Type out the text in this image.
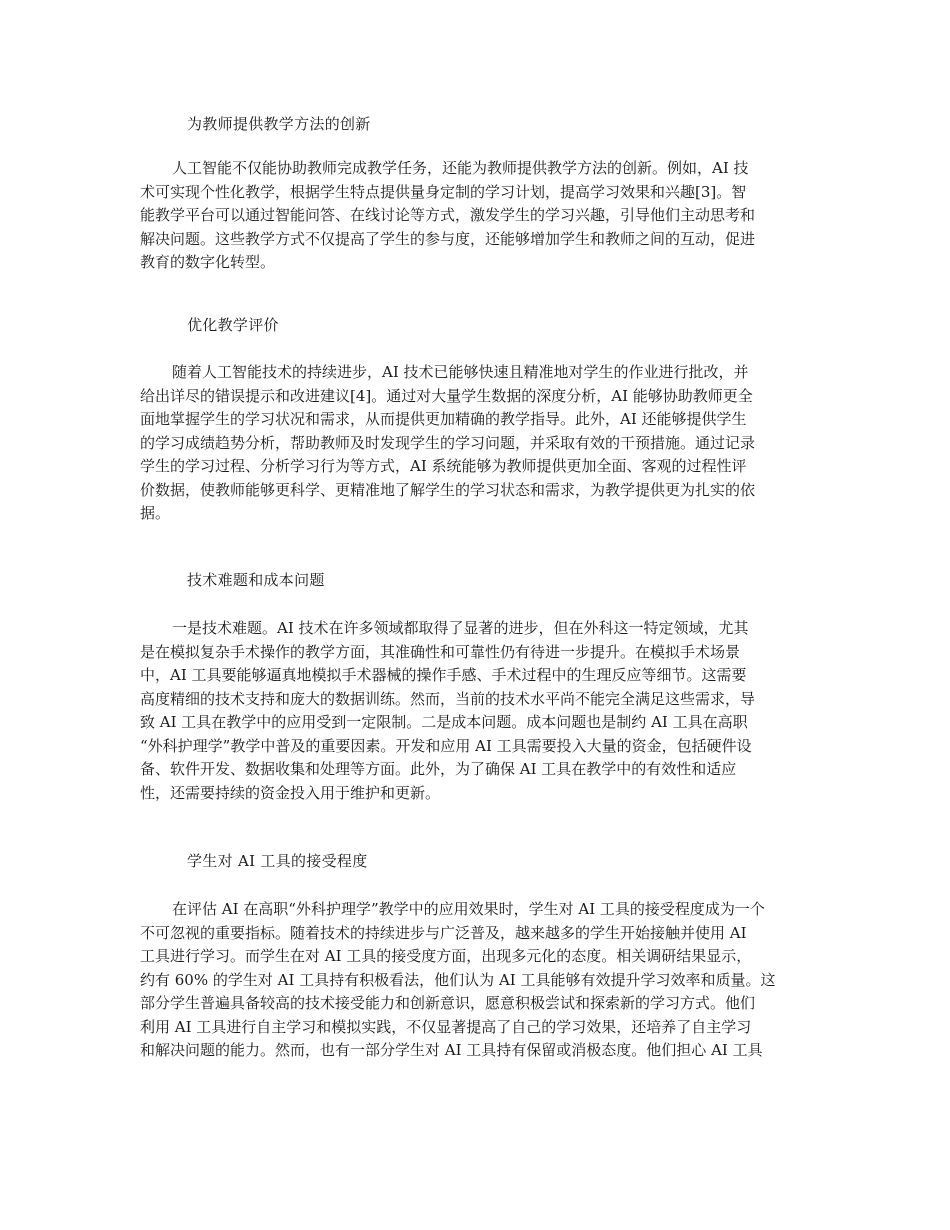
为教师提供教学方法的创新
人工智能不仅能协助教师完成教学任务，还能为教师提供教学方法的创新。例如，AI 技
术可实现个性化教学，根据学生特点提供量身定制的学习计划，提高学习效果和兴趣[3]。智
能教学平台可以通过智能问答、在线讨论等方式，激发学生的学习兴趣，引导他们主动思考和
解决问题。这些教学方式不仅提高了学生的参与度，还能够增加学生和教师之间的互动，促进
教育的数字化转型。
优化教学评价
随着人工智能技术的持续进步，AI 技术已能够快速且精准地对学生的作业进行批改，并
给出详尽的错误提示和改进建议[4]。通过对大量学生数据的深度分析，AI 能够协助教师更全
面地掌握学生的学习状况和需求，从而提供更加精确的教学指导。此外，AI 还能够提供学生
的学习成绩趋势分析，帮助教师及时发现学生的学习问题，并采取有效的干预措施。通过记录
学生的学习过程、分析学习行为等方式，AI 系统能够为教师提供更加全面、客观的过程性评
价数据，使教师能够更科学、更精准地了解学生的学习状态和需求，为教学提供更为扎实的依
据。
技术难题和成本问题
一是技术难题。AI 技术在许多领域都取得了显著的进步，但在外科这一特定领域，尤其
是在模拟复杂手术操作的教学方面，其准确性和可靠性仍有待进一步提升。在模拟手术场景
中，AI 工具要能够逼真地模拟手术器械的操作手感、手术过程中的生理反应等细节。这需要
高度精细的技术支持和庞大的数据训练。然而，当前的技术水平尚不能完全满足这些需求，导
致 AI 工具在教学中的应用受到一定限制。二是成本问题。成本问题也是制约 AI 工具在高职
“外科护理学”教学中普及的重要因素。开发和应用 AI 工具需要投入大量的资金，包括硬件设
备、软件开发、数据收集和处理等方面。此外，为了确保 AI 工具在教学中的有效性和适应
性，还需要持续的资金投入用于维护和更新。
学生对 AI 工具的接受程度
在评估 AI 在高职“外科护理学”教学中的应用效果时，学生对 AI 工具的接受程度成为一个
不可忽视的重要指标。随着技术的持续进步与广泛普及，越来越多的学生开始接触并使用 AI
工具进行学习。而学生在对 AI 工具的接受度方面，出现多元化的态度。相关调研结果显示，
约有 60% 的学生对 AI 工具持有积极看法，他们认为 AI 工具能够有效提升学习效率和质量。这
部分学生普遍具备较高的技术接受能力和创新意识，愿意积极尝试和探索新的学习方式。他们
利用 AI 工具进行自主学习和模拟实践，不仅显著提高了自己的学习效果，还培养了自主学习
和解决问题的能力。然而，也有一部分学生对 AI 工具持有保留或消极态度。他们担心 AI 工具
